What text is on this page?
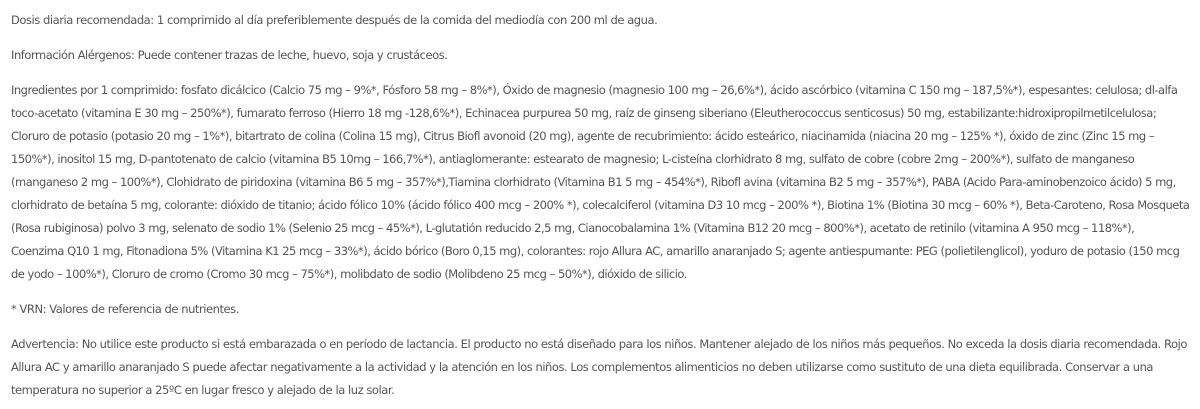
Dosis diaria recomendada: 1 comprimido al día preferiblemente después de la comida del mediodía con 200 ml de agua.

Información Alérgenos: Puede contener trazas de leche, huevo, soja y crustáceos.

Ingredientes por 1 comprimido: fosfato dicálcico (Calcio 75 mg – 9%*, Fósforo 58 mg – 8%*), Óxido de magnesio (magnesio 100 mg – 26,6%*), ácido ascórbico (vitamina C 150 mg – 187,5%*), espesantes: celulosa; dl-alfa toco-acetato (vitamina E 30 mg – 250%*), fumarato ferroso (Hierro 18 mg -128,6%*), Echinacea purpurea 50 mg, raíz de ginseng siberiano (Eleutherococcus senticosus) 50 mg, estabilizante:hidroxipropilmetilcelulosa; Cloruro de potasio (potasio 20 mg – 1%*), bitartrato de colina (Colina 15 mg), Citrus Biofl avonoid (20 mg), agente de recubrimiento: ácido esteárico, niacinamida (niacina 20 mg – 125% *), óxido de zinc (Zinc 15 mg – 150%*), inositol 15 mg, D-pantotenato de calcio (vitamina B5 10mg – 166,7%*), antiaglomerante: estearato de magnesio; L-cisteína clorhidrato 8 mg, sulfato de cobre (cobre 2mg – 200%*), sulfato de manganeso (manganeso 2 mg – 100%*), Clohidrato de piridoxina (vitamina B6 5 mg – 357%*),Tiamina clorhidrato (Vitamina B1 5 mg – 454%*), Ribofl avina (vitamina B2 5 mg – 357%*), PABA (Acido Para-aminobenzoico ácido) 5 mg, clorhidrato de betaína 5 mg, colorante: dióxido de titanio; ácido fólico 10% (ácido fólico 400 mcg – 200% *), colecalciferol (vitamina D3 10 mcg – 200% *), Biotina 1% (Biotina 30 mcg – 60% *), Beta-Caroteno, Rosa Mosqueta (Rosa rubiginosa) polvo 3 mg, selenato de sodio 1% (Selenio 25 mcg – 45%*), L-glutatión reducido 2,5 mg, Cianocobalamina 1% (Vitamina B12 20 mcg – 800%*), acetato de retinilo (vitamina A 950 mcg – 118%*), Coenzima Q10 1 mg, Fitonadiona 5% (Vitamina K1 25 mcg – 33%*), ácido bórico (Boro 0,15 mg), colorantes: rojo Allura AC, amarillo anaranjado S; agente antiespumante: PEG (polietilenglicol), yoduro de potasio (150 mcg de yodo – 100%*), Cloruro de cromo (Cromo 30 mcg – 75%*), molibdato de sodio (Molibdeno 25 mcg – 50%*), dióxido de silicio.

* VRN: Valores de referencia de nutrientes.

Advertencia: No utilice este producto si está embarazada o en período de lactancia. El producto no está diseñado para los niños. Mantener alejado de los niños más pequeños. No exceda la dosis diaria recomendada. Rojo Allura AC y amarillo anaranjado S puede afectar negativamente a la actividad y la atención en los niños. Los complementos alimenticios no deben utilizarse como sustituto de una dieta equilibrada. Conservar a una temperatura no superior a 25ºC en lugar fresco y alejado de la luz solar.
